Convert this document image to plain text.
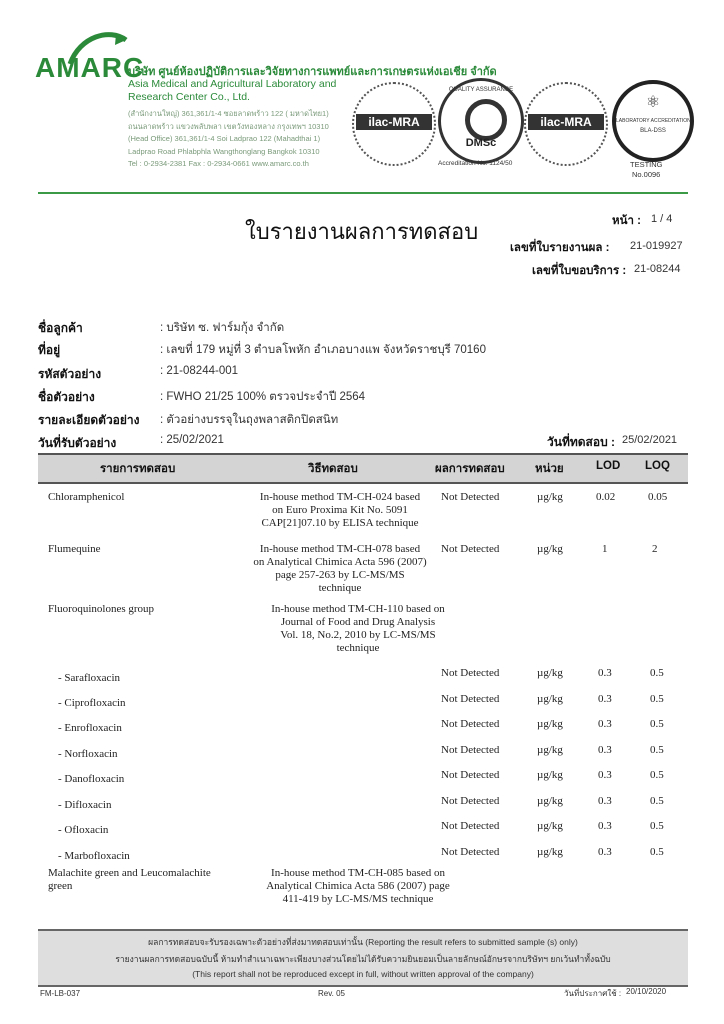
AMARC
บริษัท ศูนย์ห้องปฏิบัติการและวิจัยทางการแพทย์และการเกษตรแห่งเอเชีย จำกัด
Asia Medical and Agricultural Laboratory and
Research Center Co., Ltd.
(สำนักงานใหญ่) 361,361/1-4 ซอยลาดพร้าว 122 ( มหาดไทย1)
ถนนลาดพร้าว แขวงพลับพลา เขตวังทองหลาง กรุงเทพฯ 10310
(Head Office) 361,361/1-4 Soi Ladprao 122 (Mahadthai 1)
Ladprao Road Phlabphla Wangthonglang Bangkok 10310
Tel : 0-2934-2381 Fax : 0-2934-0661 www.amarc.co.th
ilac-MRA
QUALITY ASSURANCE
DMSc
Accreditation No. 1124/50
ilac-MRA
⚛
LABORATORY ACCREDITATION
BLA-DSS
TESTING
No.0096
ใบรายงานผลการทดสอบ	หน้า : 1 / 4
เลขที่ใบรายงานผล : 21-019927
เลขที่ใบขอบริการ : 21-08244
ชื่อลูกค้า	: บริษัท ซ. ฟาร์มกุ้ง จำกัด
ที่อยู่	: เลขที่ 179 หมู่ที่ 3 ตำบลโพหัก อำเภอบางแพ จังหวัดราชบุรี 70160
รหัสตัวอย่าง	: 21-08244-001
ชื่อตัวอย่าง	: FWHO 21/25 100% ตรวจประจำปี 2564
รายละเอียดตัวอย่าง : ตัวอย่างบรรจุในถุงพลาสติกปิดสนิท
วันที่รับตัวอย่าง	: 25/02/2021	วันที่ทดสอบ : 25/02/2021
รายการทดสอบ	วิธีทดสอบ	ผลการทดสอบ	หน่วย	LOD LOQ
Chloramphenicol	In-house method TM-CH-024 based
on Euro Proxima Kit No. 5091
CAP[21]07.10 by ELISA technique
Not Detected	µg/kg	0.02	0.05
Flumequine	In-house method TM-CH-078 based
on Analytical Chimica Acta 596 (2007)
page 257-263 by LC-MS/MS
technique
Not Detected	µg/kg	1	2
Fluoroquinolones group	In-house method TM-CH-110 based on
Journal of Food and Drug Analysis
Vol. 18, No.2, 2010 by LC-MS/MS
technique
- Sarafloxacin	Not Detected	µg/kg	0.3	0.5
- Ciprofloxacin	Not Detected	µg/kg	0.3	0.5
- Enrofloxacin	Not Detected	µg/kg	0.3	0.5
- Norfloxacin	Not Detected	µg/kg	0.3	0.5
- Danofloxacin	Not Detected	µg/kg	0.3	0.5
- Difloxacin	Not Detected	µg/kg	0.3	0.5
- Ofloxacin	Not Detected	µg/kg	0.3	0.5
- Marbofloxacin	Not Detected	µg/kg	0.3	0.5
Malachite green and Leucomalachite green
In-house method TM-CH-085 based on
Analytical Chimica Acta 586 (2007) page
411-419 by LC-MS/MS technique
ผลการทดสอบจะรับรองเฉพาะตัวอย่างที่ส่งมาทดสอบเท่านั้น (Reporting the result refers to submitted sample (s) only)
รายงานผลการทดสอบฉบับนี้ ห้ามทำสำเนาเฉพาะเพียงบางส่วนโดยไม่ได้รับความยินยอมเป็นลายลักษณ์อักษรจากบริษัทฯ ยกเว้นทำทั้งฉบับ
(This report shall not be reproduced except in full, without written approval of the company)
FM-LB-037	Rev. 05	วันที่ประกาศใช้ : 20/10/2020
